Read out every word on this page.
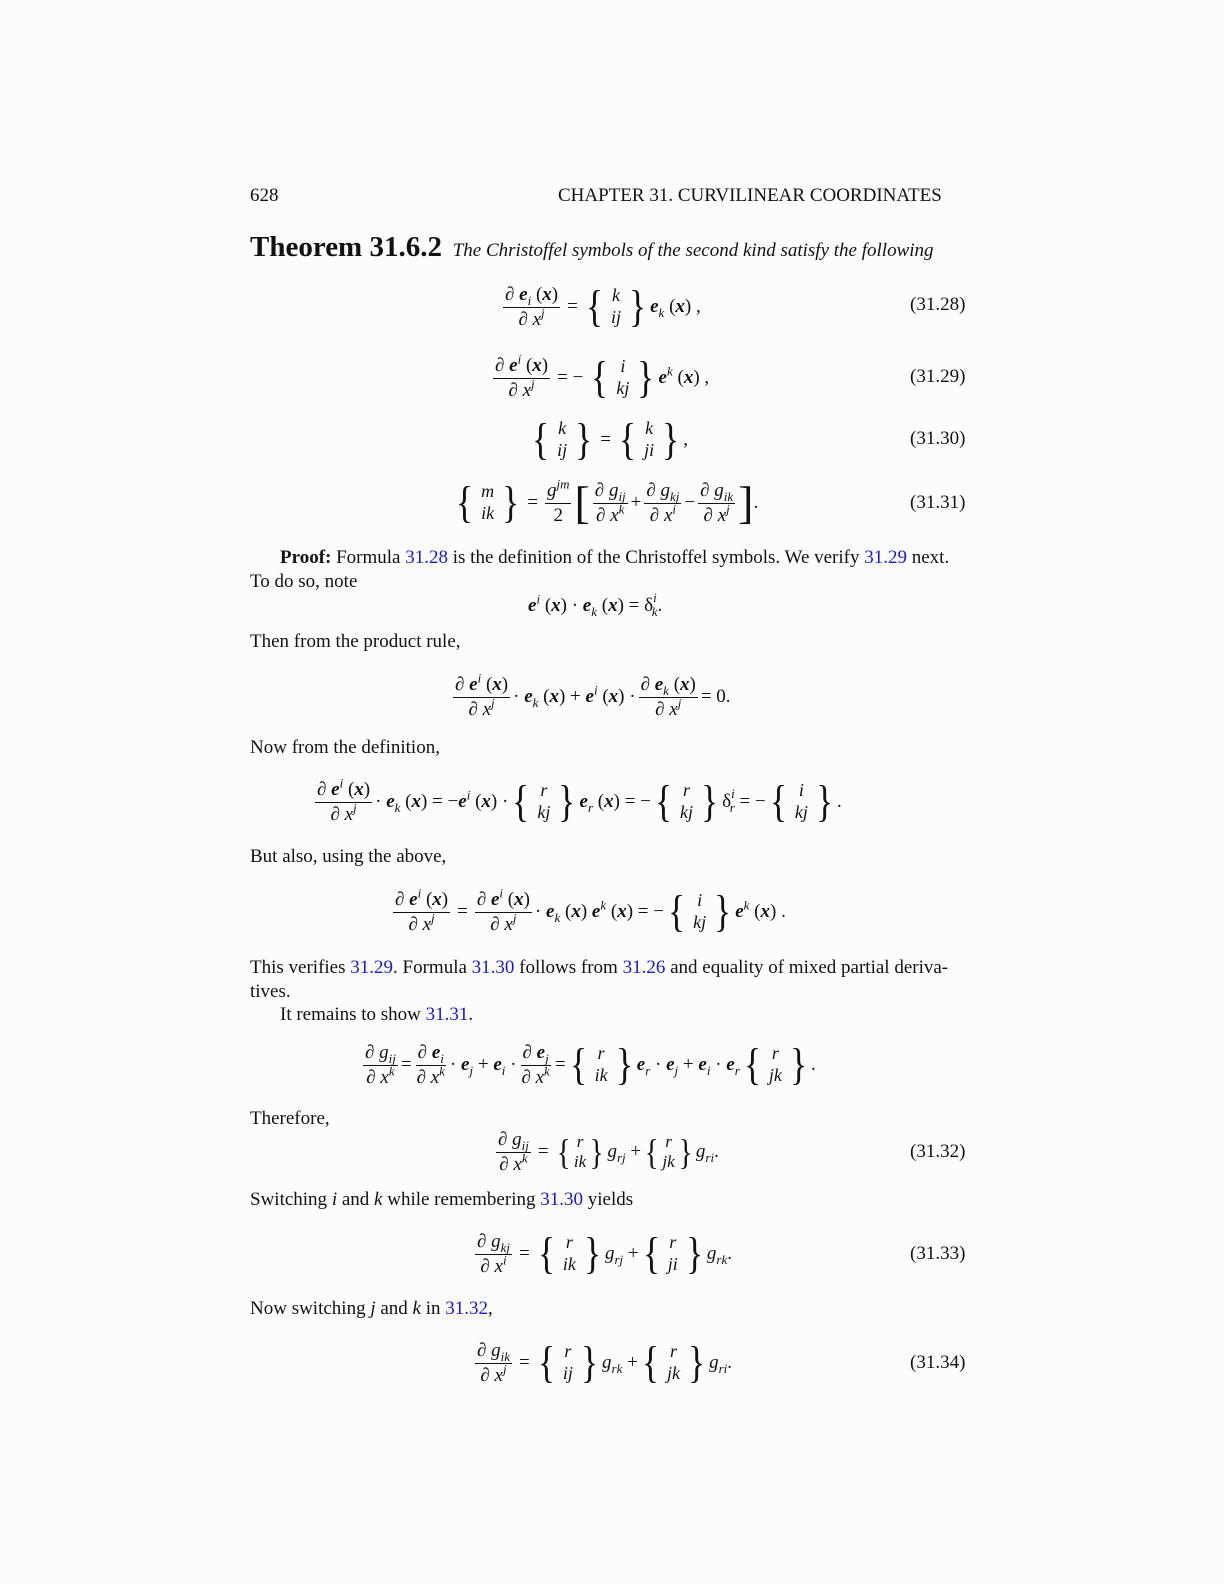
628	CHAPTER 31. CURVILINEAR COORDINATES
Theorem 31.6.2 The Christoffel symbols of the second kind satisfy the following
$\frac{\partial e_i (x)}{\partial x^j}$ = { k
ij } $e_k$ (x) ,	(31.28)
$\frac{\partial e^i (x)}{\partial x^j}$ = − { i
kj } $e^k$ (x) ,	(31.29)
{ k
ij } = { k
ji } ,	(31.30)
{ m
ik } = $\frac{g^{jm}}{2}$ [ $\frac{\partial g_{ij}}{\partial x^k} + \frac{\partial g_{kj}}{\partial x^i} - \frac{\partial g_{ik}}{\partial x^j}$ ] .	(31.31)
Proof: Formula 31.28 is the definition of the Christoffel symbols. We verify 31.29 next.
To do so, note
$e^i$ $(x) \cdot e_k$ $(x) = \delta^i_k$.
Then from the product rule,
$\frac{\partial e^i (x)}{\partial x^j} \cdot e_k$ $(x) + e^i$ $(x) \cdot \frac{\partial e_k (x)}{\partial x^j} = 0$.
Now from the definition,
$\frac{\partial e^i (x)}{\partial x^j} \cdot e_k$ $(x) = -e^i$ (x) · { r
kj } $e_r$ (x) = − { r
kj } $\delta^i_r$ = − { i
kj } .
But also, using the above,
$\frac{\partial e^i (x)}{\partial x^j} = \frac{\partial e^i (x)}{\partial x^j} \cdot e_k$ (x) $e^k$ (x) = − { i
kj } $e^k$ (x) .
This verifies 31.29. Formula 31.30 follows from 31.26 and equality of mixed partial deriva-
tives.
It remains to show 31.31.
$\frac{\partial g_{ij}}{\partial x^k} = \frac{\partial e_i}{\partial x^k} \cdot e_j + e_i \cdot \frac{\partial e_j}{\partial x^k}$ = { r
ik } $e_r \cdot e_j + e_i \cdot e_r$ { r
jk } .
Therefore,
$\frac{\partial g_{ij}}{\partial x^k}$ = { r
ik } $g_{rj}$ + { r
jk } $g_{ri}$.	(31.32)
Switching i and k while remembering 31.30 yields
$\frac{\partial g_{kj}}{\partial x^i}$ = { r
ik } $g_{rj}$ + { r
ji } $g_{rk}$.	(31.33)
Now switching j and k in 31.32,
$\frac{\partial g_{ik}}{\partial x^j}$ = { r
ij } $g_{rk}$ + { r
jk } $g_{ri}$.	(31.34)
